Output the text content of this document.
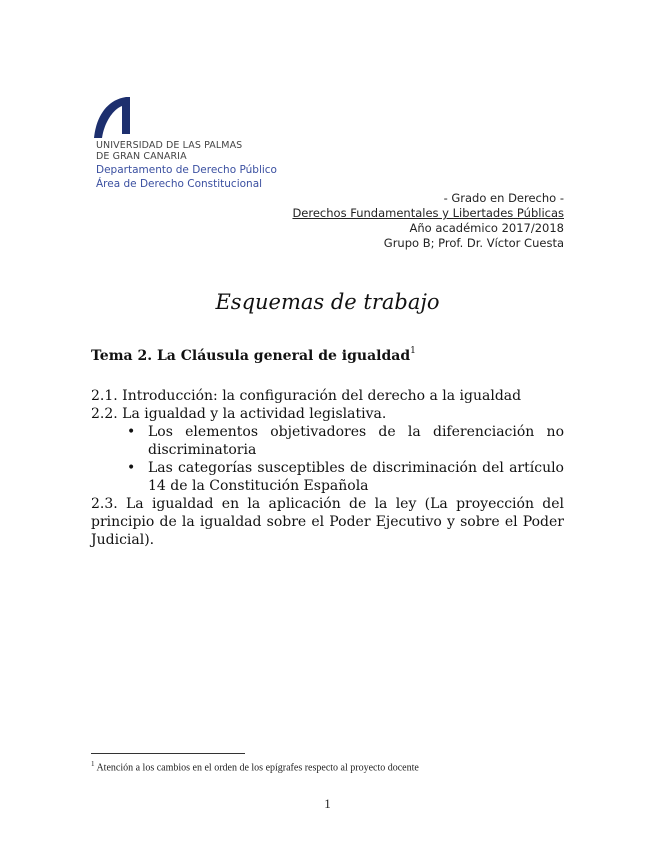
UNIVERSIDAD DE LAS PALMAS
DE GRAN CANARIA
Departamento de Derecho Público
Área de Derecho Constitucional
- Grado en Derecho -
Derechos Fundamentales y Libertades Públicas
Año académico 2017/2018
Grupo B; Prof. Dr. Víctor Cuesta
Esquemas de trabajo
Tema 2. La Cláusula general de igualdad$^1$

2.1. Introducción: la configuración del derecho a la igualdad

2.2. La igualdad y la actividad legislativa.

• Los elementos objetivadores de la diferenciación no discriminatoria
• Las categorías susceptibles de discriminación del artículo 14 de la Constitución Española

2.3. La igualdad en la aplicación de la ley (La proyección del principio de la igualdad sobre el Poder Ejecutivo y sobre el Poder Judicial).

$^1$ Atención a los cambios en el orden de los epígrafes respecto al proyecto docente
1
